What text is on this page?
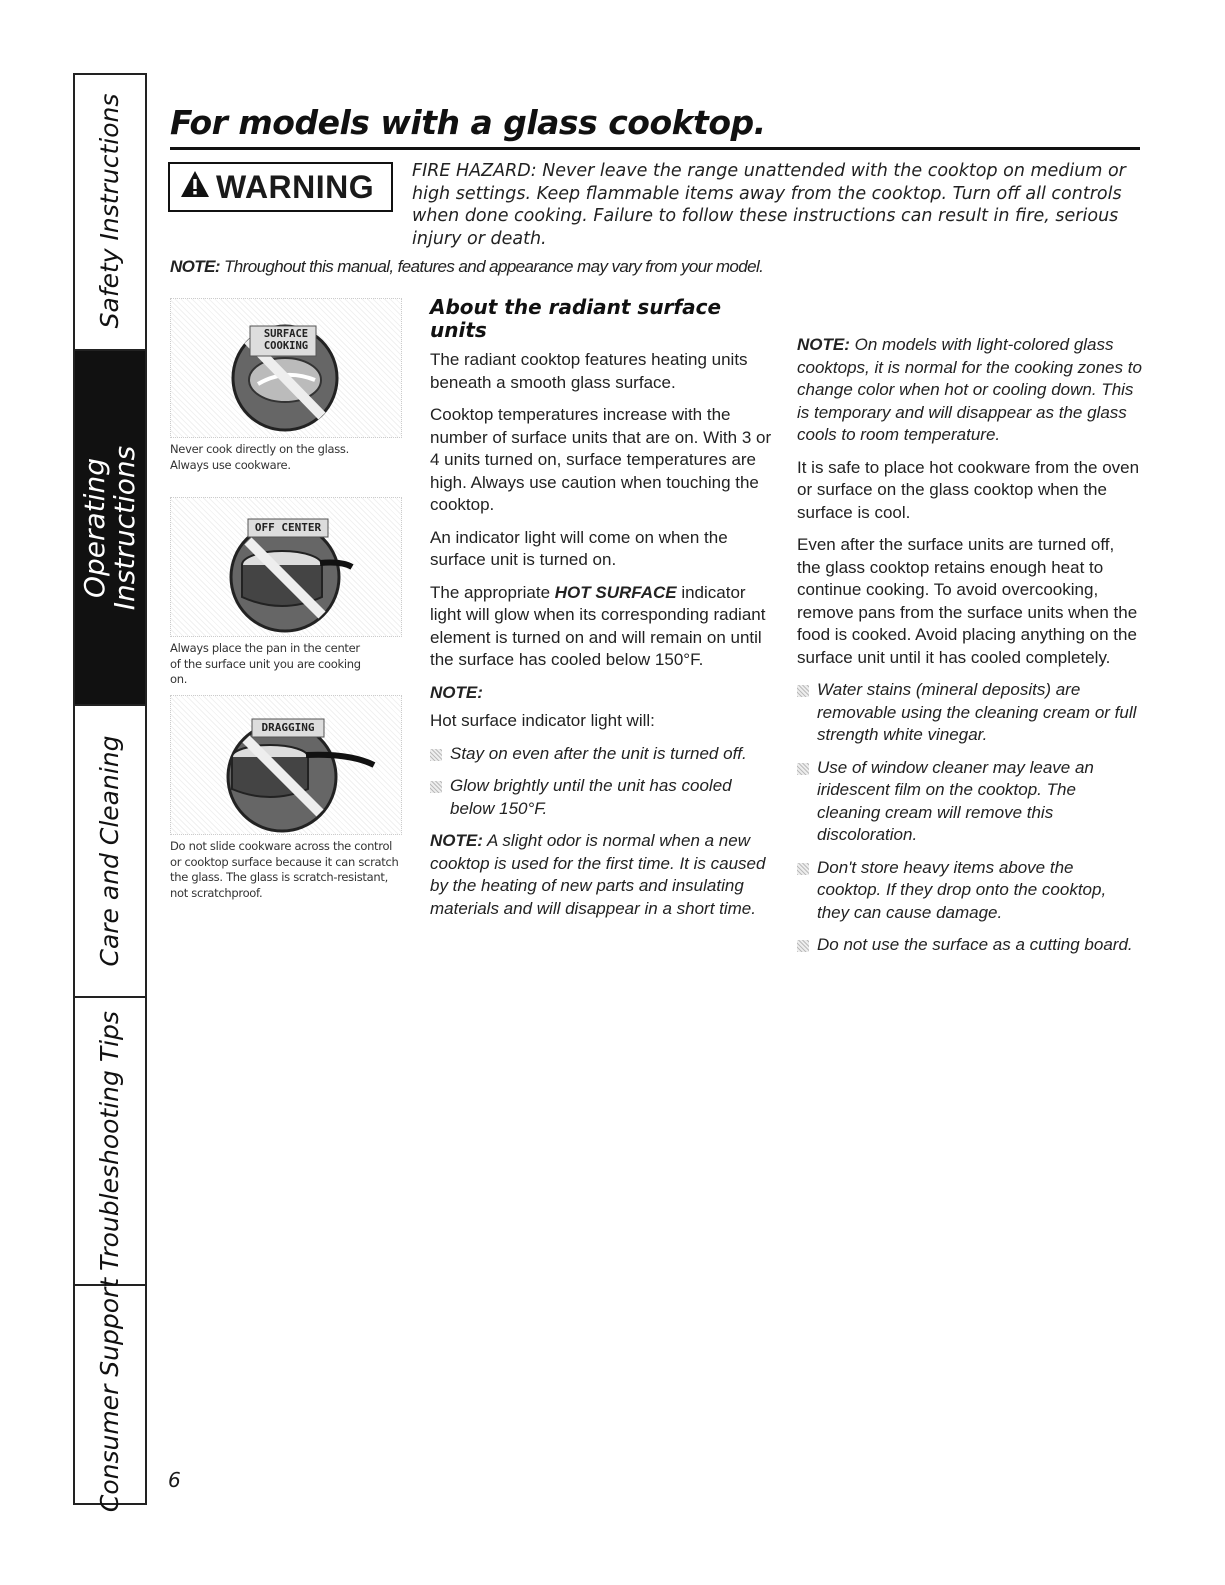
Safety Instructions
Operating Instructions
Care and Cleaning
Troubleshooting Tips
Consumer Support
For models with a glass cooktop.
WARNING FIRE HAZARD: Never leave the range unattended with the cooktop on medium or high settings. Keep flammable items away from the cooktop. Turn off all controls when done cooking. Failure to follow these instructions can result in fire, serious injury or death.
NOTE: Throughout this manual, features and appearance may vary from your model.
SURFACE
COOKING
Never cook directly on the glass. Always use cookware.
OFF CENTER
Always place the pan in the center of the surface unit you are cooking on.
DRAGGING
Do not slide cookware across the control or cooktop surface because it can scratch the glass. The glass is scratch-resistant, not scratchproof.
About the radiant surface units

The radiant cooktop features heating units beneath a smooth glass surface.

Cooktop temperatures increase with the number of surface units that are on. With 3 or 4 units turned on, surface temperatures are high. Always use caution when touching the cooktop.

An indicator light will come on when the surface unit is turned on.

The appropriate HOT SURFACE indicator light will glow when its corresponding radiant element is turned on and will remain on until the surface has cooled below 150°F.

NOTE:

Hot surface indicator light will:

Stay on even after the unit is turned off.
Glow brightly until the unit has cooled below 150°F.

NOTE: A slight odor is normal when a new cooktop is used for the first time. It is caused by the heating of new parts and insulating materials and will disappear in a short time.

NOTE: On models with light-colored glass cooktops, it is normal for the cooking zones to change color when hot or cooling down. This is temporary and will disappear as the glass cools to room temperature.

It is safe to place hot cookware from the oven or surface on the glass cooktop when the surface is cool.

Even after the surface units are turned off, the glass cooktop retains enough heat to continue cooking. To avoid overcooking, remove pans from the surface units when the food is cooked. Avoid placing anything on the surface unit until it has cooled completely.

Water stains (mineral deposits) are removable using the cleaning cream or full strength white vinegar.
Use of window cleaner may leave an iridescent film on the cooktop. The cleaning cream will remove this discoloration.
Don't store heavy items above the cooktop. If they drop onto the cooktop, they can cause damage.
Do not use the surface as a cutting board.
6
